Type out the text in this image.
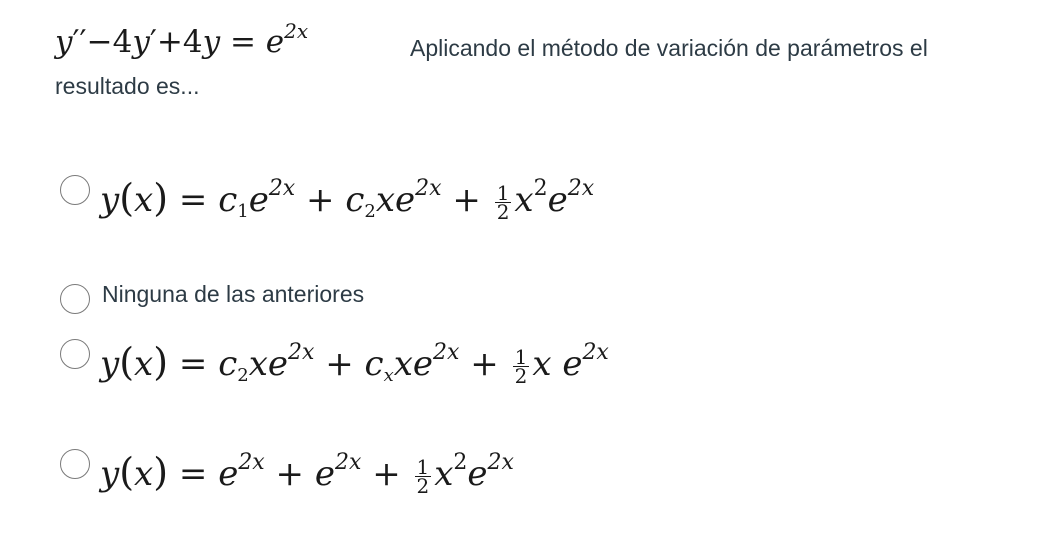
$y''-4y'+4y = e^{2x}$
Aplicando el método de variación de parámetros el
resultado es...
$y(x) = c_1e^{2x} + c_2xe^{2x} + \frac{1}{2} x^2e^{2x}$
Ninguna de las anteriores
$y(x) = c_2xe^{2x} + c_xxe^{2x} + \frac{1}{2}$ x $e^{2x}$
$y(x) = e^{2x} + e^{2x} + \frac{1}{2} x^2e^{2x}$
